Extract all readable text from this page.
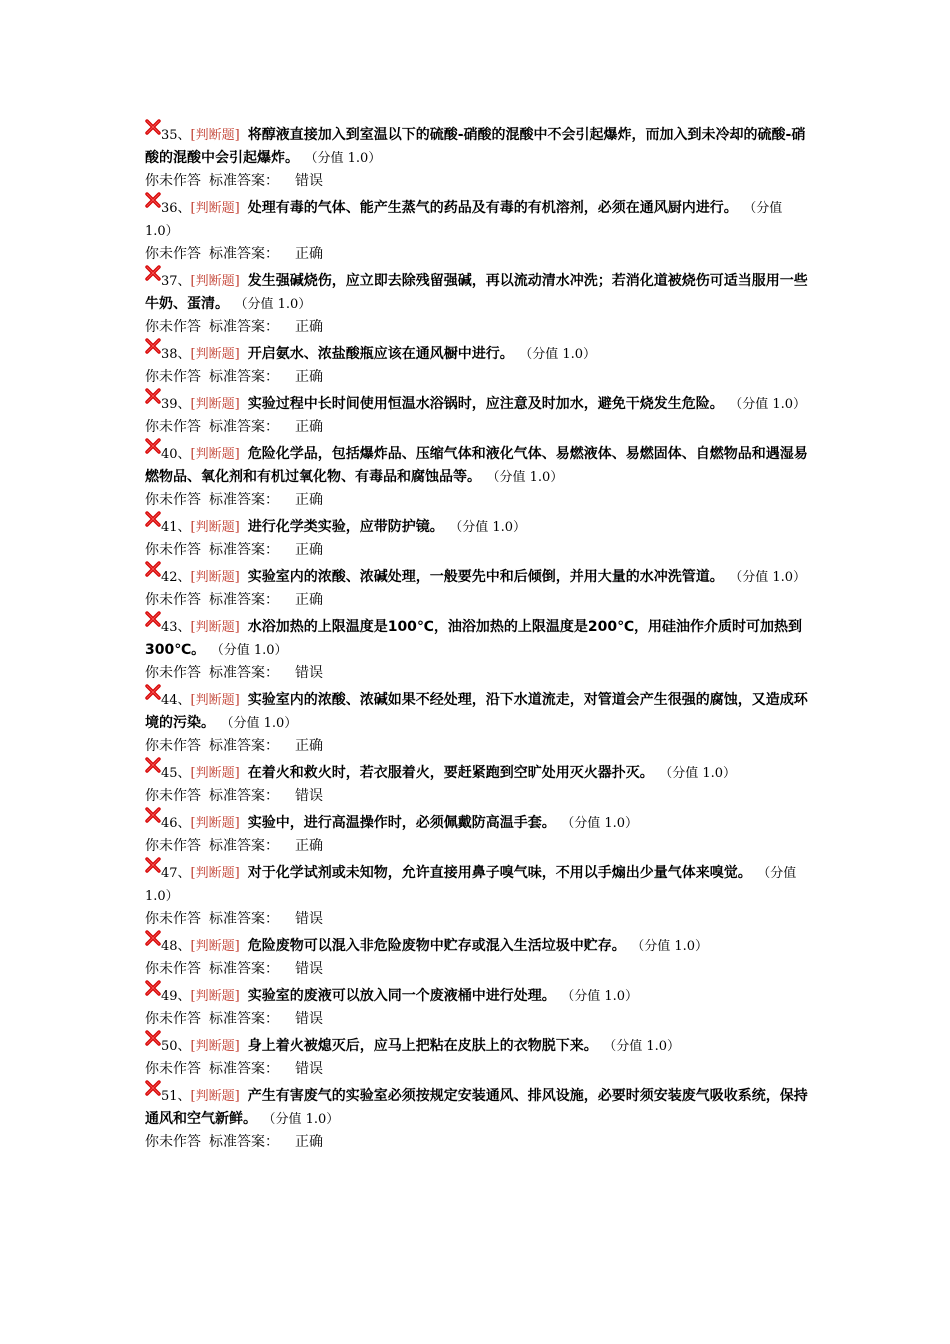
35、[判断题] 将醇液直接加入到室温以下的硫酸-硝酸的混酸中不会引起爆炸，而加入到未冷却的硫酸-硝酸的混酸中会引起爆炸。 （分值 1.0）

你未作答 标准答案： 错误

36、[判断题] 处理有毒的气体、能产生蒸气的药品及有毒的有机溶剂，必须在通风厨内进行。 （分值 1.0）

你未作答 标准答案： 正确

37、[判断题] 发生强碱烧伤，应立即去除残留强碱，再以流动清水冲洗；若消化道被烧伤可适当服用一些牛奶、蛋清。 （分值 1.0）

你未作答 标准答案： 正确

38、[判断题] 开启氨水、浓盐酸瓶应该在通风橱中进行。 （分值 1.0）

你未作答 标准答案： 正确

39、[判断题] 实验过程中长时间使用恒温水浴锅时，应注意及时加水，避免干烧发生危险。 （分值 1.0）

你未作答 标准答案： 正确

40、[判断题] 危险化学品，包括爆炸品、压缩气体和液化气体、易燃液体、易燃固体、自燃物品和遇湿易燃物品、氧化剂和有机过氧化物、有毒品和腐蚀品等。 （分值 1.0）

你未作答 标准答案： 正确

41、[判断题] 进行化学类实验，应带防护镜。 （分值 1.0）

你未作答 标准答案： 正确

42、[判断题] 实验室内的浓酸、浓碱处理，一般要先中和后倾倒，并用大量的水冲洗管道。 （分值 1.0）

你未作答 标准答案： 正确

43、[判断题] 水浴加热的上限温度是100℃，油浴加热的上限温度是200℃，用硅油作介质时可加热到300℃。 （分值 1.0）

你未作答 标准答案： 错误

44、[判断题] 实验室内的浓酸、浓碱如果不经处理，沿下水道流走，对管道会产生很强的腐蚀，又造成环境的污染。 （分值 1.0）

你未作答 标准答案： 正确

45、[判断题] 在着火和救火时，若衣服着火，要赶紧跑到空旷处用灭火器扑灭。 （分值 1.0）

你未作答 标准答案： 错误

46、[判断题] 实验中，进行高温操作时，必须佩戴防高温手套。 （分值 1.0）

你未作答 标准答案： 正确

47、[判断题] 对于化学试剂或未知物，允许直接用鼻子嗅气味，不用以手煽出少量气体来嗅觉。 （分值 1.0）

你未作答 标准答案： 错误

48、[判断题] 危险废物可以混入非危险废物中贮存或混入生活垃圾中贮存。 （分值 1.0）

你未作答 标准答案： 错误

49、[判断题] 实验室的废液可以放入同一个废液桶中进行处理。 （分值 1.0）

你未作答 标准答案： 错误

50、[判断题] 身上着火被熄灭后，应马上把粘在皮肤上的衣物脱下来。 （分值 1.0）

你未作答 标准答案： 错误

51、[判断题] 产生有害废气的实验室必须按规定安装通风、排风设施，必要时须安装废气吸收系统，保持通风和空气新鲜。 （分值 1.0）

你未作答 标准答案： 正确
